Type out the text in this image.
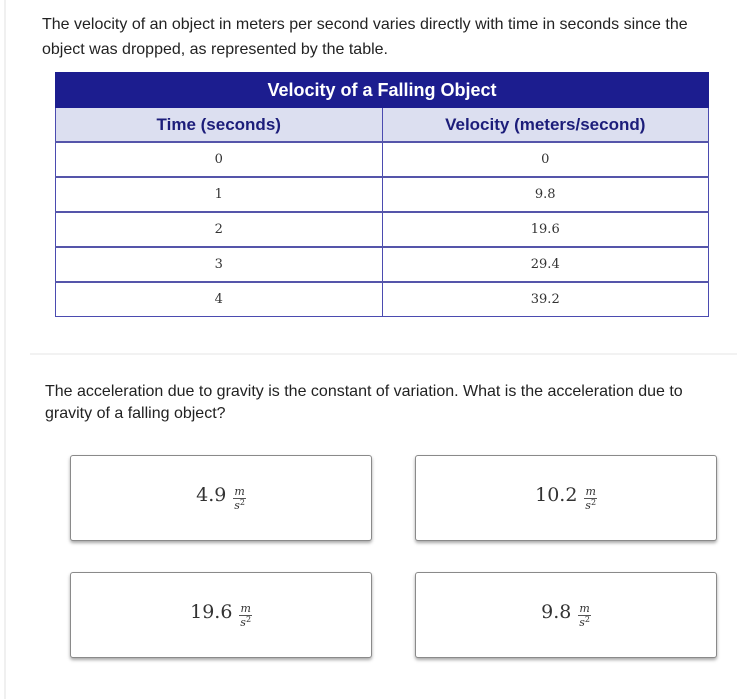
The velocity of an object in meters per second varies directly with time in seconds since the object was dropped, as represented by the table.

Velocity of a Falling Object	
Time (seconds)	Velocity (meters/second)
0	0
1	9.8
2	19.6
3	29.4
4	39.2

The acceleration due to gravity is the constant of variation. What is the acceleration due to gravity of a falling object?

$4.9 \frac{m}{s^2}$	$10.2 \frac{m}{s^2}$
$19.6 \frac{m}{s^2}$	$9.8 \frac{m}{s^2}$
